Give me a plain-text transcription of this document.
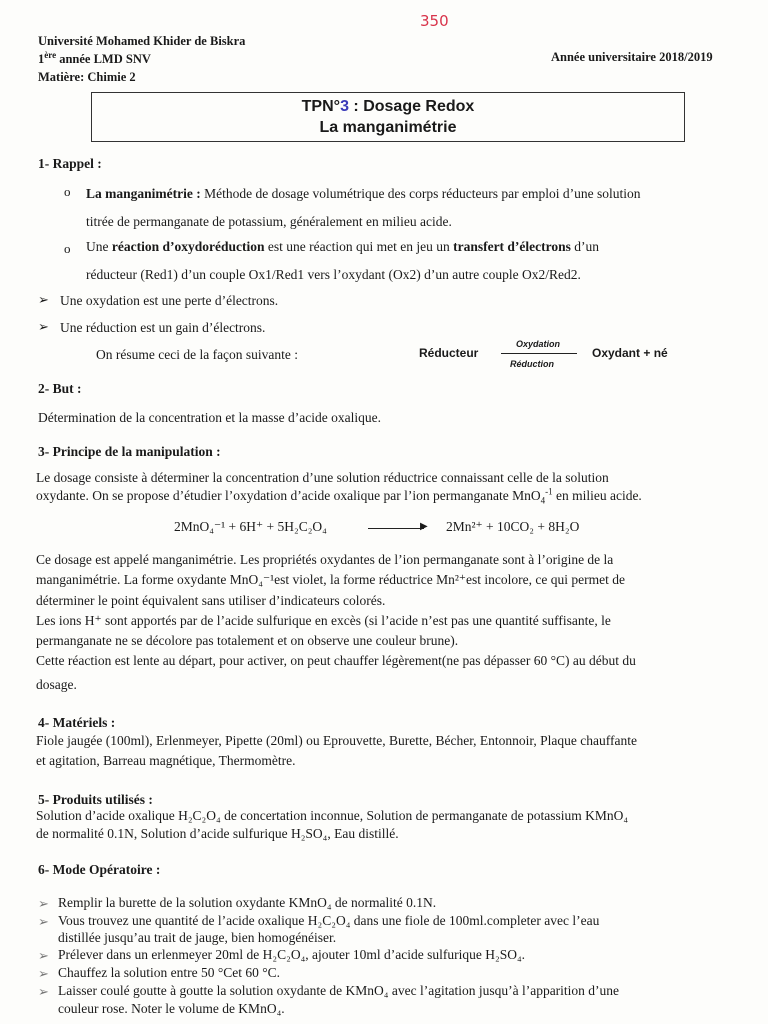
350
Université Mohamed Khider de Biskra
1ère année LMD SNV
Matière: Chimie 2
Année universitaire 2018/2019
TPN°3 : Dosage Redox
La manganimétrie
1- Rappel :
o La manganimétrie : Méthode de dosage volumétrique des corps réducteurs par emploi d’une solution
titrée de permanganate de potassium, généralement en milieu acide.
o Une réaction d’oxydoréduction est une réaction qui met en jeu un transfert d’électrons d’un
réducteur (Red1) d’un couple Ox1/Red1 vers l’oxydant (Ox2) d’un autre couple Ox2/Red2.
➢ Une oxydation est une perte d’électrons.
➢ Une réduction est un gain d’électrons.
On résume ceci de la façon suivante :	Réducteur
Oxydation
Réduction
Oxydant + né
2- But :
Détermination de la concentration et la masse d’acide oxalique.
3- Principe de la manipulation :
Le dosage consiste à déterminer la concentration d’une solution réductrice connaissant celle de la solution
oxydante. On se propose d’étudier l’oxydation d’acide oxalique par l’ion permanganate MnO$_4^{-1}$ en milieu acide.
2MnO₄⁻¹ + 6H⁺ + 5H₂C₂O₄	▶ 2Mn²⁺ + 10CO₂ + 8H₂O
Ce dosage est appelé manganimétrie. Les propriétés oxydantes de l’ion permanganate sont à l’origine de la
manganimétrie. La forme oxydante MnO₄⁻¹est violet, la forme réductrice Mn²⁺est incolore, ce qui permet de
déterminer le point équivalent sans utiliser d’indicateurs colorés.
Les ions H⁺ sont apportés par de l’acide sulfurique en excès (si l’acide n’est pas une quantité suffisante, le
permanganate ne se décolore pas totalement et on observe une couleur brune).
Cette réaction est lente au départ, pour activer, on peut chauffer légèrement(ne pas dépasser 60 °C) au début du
dosage.
4- Matériels :
Fiole jaugée (100ml), Erlenmeyer, Pipette (20ml) ou Eprouvette, Burette, Bécher, Entonnoir, Plaque chauffante
et agitation, Barreau magnétique, Thermomètre.
5- Produits utilisés :
Solution d’acide oxalique H₂C₂O₄ de concertation inconnue, Solution de permanganate de potassium KMnO₄
de normalité 0.1N, Solution d’acide sulfurique H₂SO₄, Eau distillé.
6- Mode Opératoire :
➢ Remplir la burette de la solution oxydante KMnO₄ de normalité 0.1N.
➢ Vous trouvez une quantité de l’acide oxalique H₂C₂O₄ dans une fiole de 100ml.completer avec l’eau
distillée jusqu’au trait de jauge, bien homogénéiser.
➢ Prélever dans un erlenmeyer 20ml de H₂C₂O₄, ajouter 10ml d’acide sulfurique H₂SO₄.
➢ Chauffez la solution entre 50 °Cet 60 °C.
➢ Laisser coulé goutte à goutte la solution oxydante de KMnO₄ avec l’agitation jusqu’à l’apparition d’une
couleur rose. Noter le volume de KMnO₄.
